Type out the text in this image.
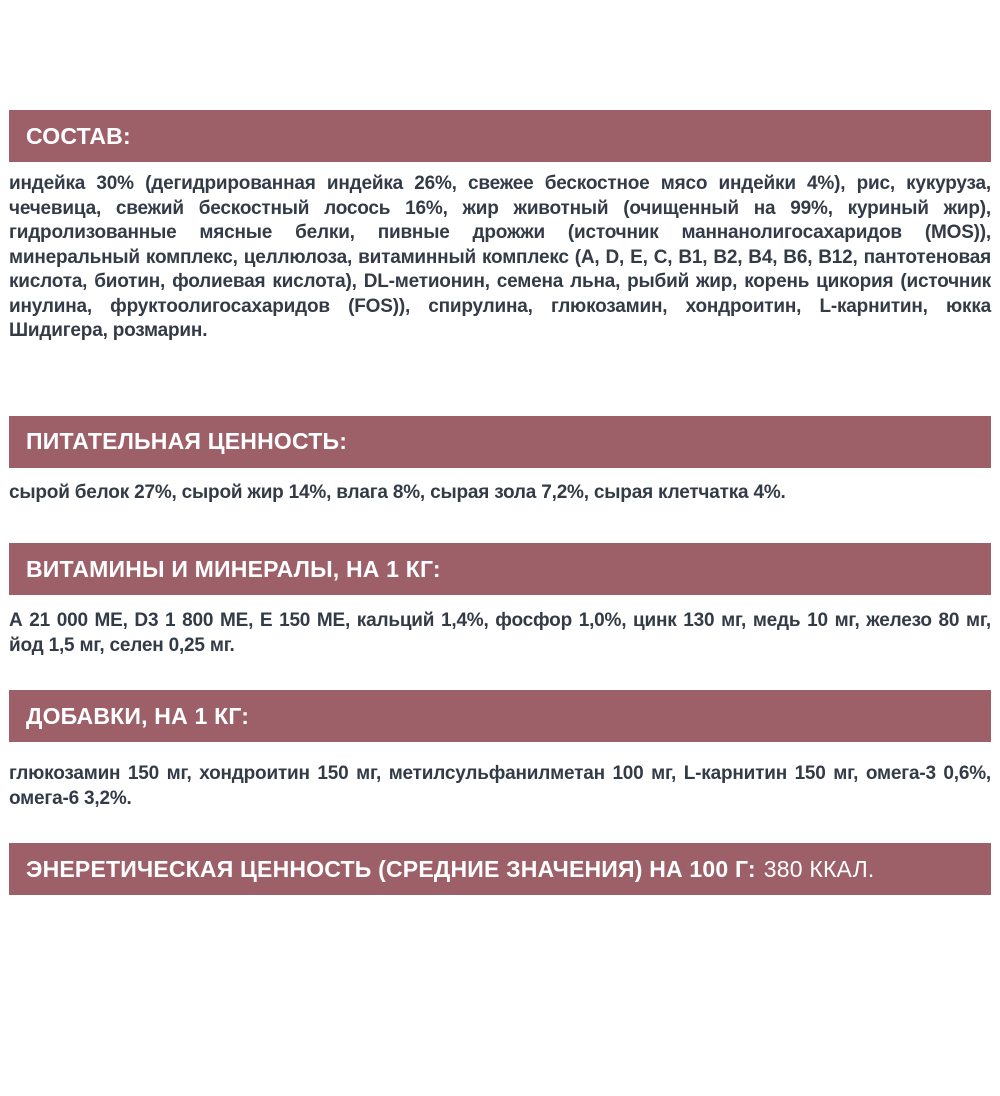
СОСТАВ:

индейка 30% (дегидрированная индейка 26%, свежее бескостное мясо индейки 4%), рис, кукуруза, чечевица, свежий бескостный лосось 16%, жир животный (очищенный на 99%, куриный жир), гидролизованные мясные белки, пивные дрожжи (источник маннанолигосахаридов (MOS)), минеральный комплекс, целлюлоза, витаминный комплекс (А, D, Е, С, В1, В2, В4, В6, В12, пантотеновая кислота, биотин, фолиевая кислота), DL-метионин, семена льна, рыбий жир, корень цикория (источник инулина, фруктоолигосахаридов (FOS)), спирулина, глюкозамин, хондроитин, L-карнитин, юкка Шидигера, розмарин.

ПИТАТЕЛЬНАЯ ЦЕННОСТЬ:

сырой белок 27%, сырой жир 14%, влага 8%, сырая зола 7,2%, сырая клетчатка 4%.

ВИТАМИНЫ И МИНЕРАЛЫ, НА 1 КГ:

А 21 000 МЕ, D3 1 800 МЕ, Е 150 МЕ, кальций 1,4%, фосфор 1,0%, цинк 130 мг, медь 10 мг, железо 80 мг, йод 1,5 мг, селен 0,25 мг.

ДОБАВКИ, НА 1 КГ:

глюкозамин 150 мг, хондроитин 150 мг, метилсульфанилметан 100 мг, L-карнитин 150 мг, омега-3 0,6%, омега-6 3,2%.

ЭНЕРЕТИЧЕСКАЯ ЦЕННОСТЬ (СРЕДНИЕ ЗНАЧЕНИЯ) НА 100 Г: 380 ККАЛ.
